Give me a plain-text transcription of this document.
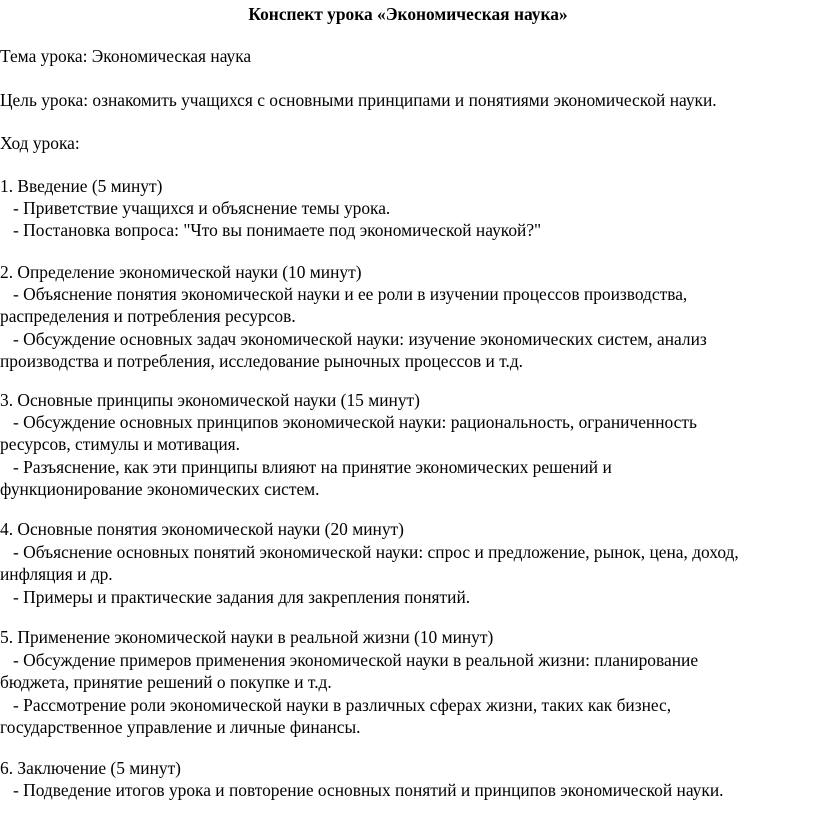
Конспект урока «Экономическая наука»
Тема урока: Экономическая наука
Цель урока: ознакомить учащихся с основными принципами и понятиями экономической науки.
Ход урока:
1. Введение (5 минут)
- Приветствие учащихся и объяснение темы урока.
- Постановка вопроса: "Что вы понимаете под экономической наукой?"
2. Определение экономической науки (10 минут)
- Объяснение понятия экономической науки и ее роли в изучении процессов производства,
распределения и потребления ресурсов.
- Обсуждение основных задач экономической науки: изучение экономических систем, анализ
производства и потребления, исследование рыночных процессов и т.д.
3. Основные принципы экономической науки (15 минут)
- Обсуждение основных принципов экономической науки: рациональность, ограниченность
ресурсов, стимулы и мотивация.
- Разъяснение, как эти принципы влияют на принятие экономических решений и
функционирование экономических систем.
4. Основные понятия экономической науки (20 минут)
- Объяснение основных понятий экономической науки: спрос и предложение, рынок, цена, доход,
инфляция и др.
- Примеры и практические задания для закрепления понятий.
5. Применение экономической науки в реальной жизни (10 минут)
- Обсуждение примеров применения экономической науки в реальной жизни: планирование
бюджета, принятие решений о покупке и т.д.
- Рассмотрение роли экономической науки в различных сферах жизни, таких как бизнес,
государственное управление и личные финансы.
6. Заключение (5 минут)
- Подведение итогов урока и повторение основных понятий и принципов экономической науки.
